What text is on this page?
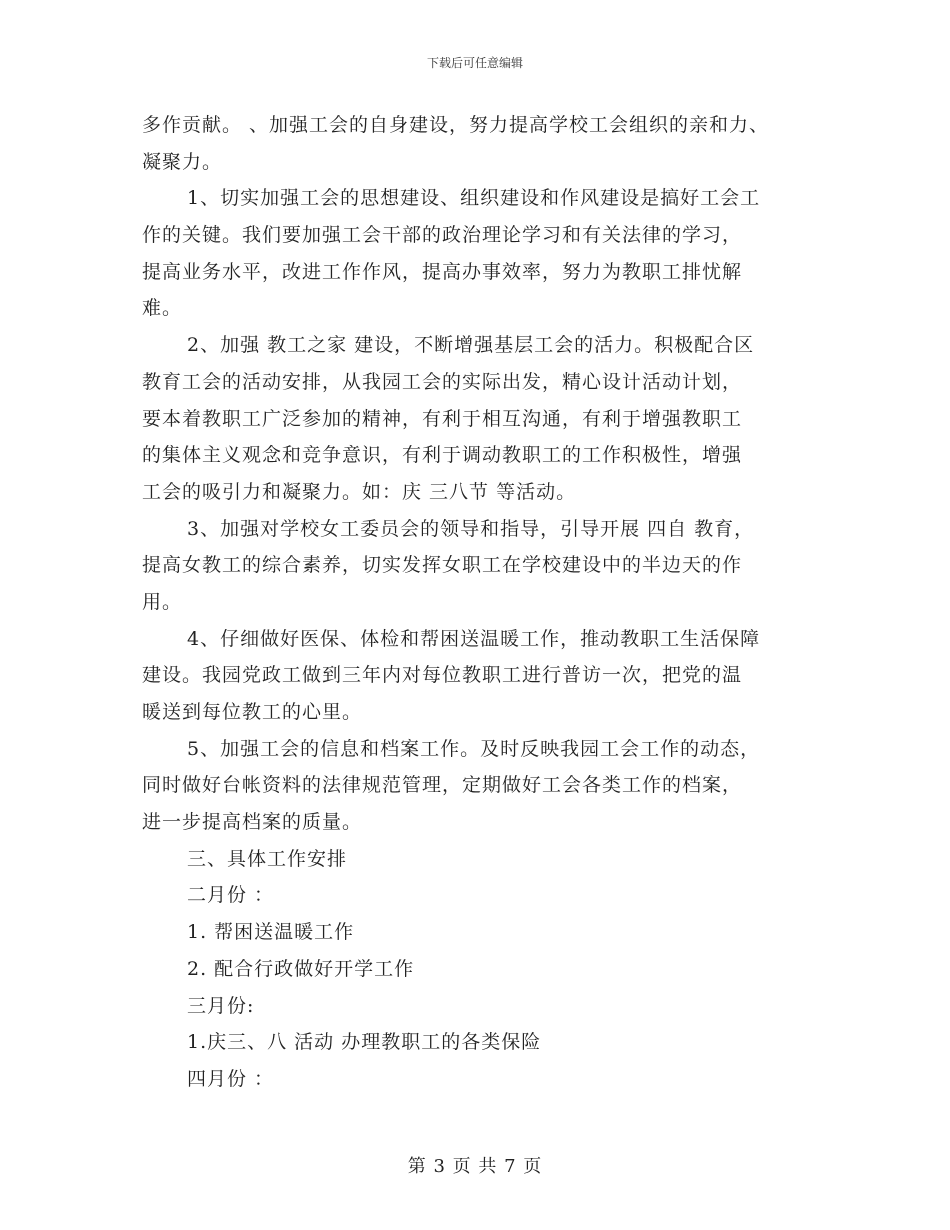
下载后可任意编辑
多作贡献。 、加强工会的自身建设，努力提高学校工会组织的亲和力、
凝聚力。
1、切实加强工会的思想建设、组织建设和作风建设是搞好工会工
作的关键。我们要加强工会干部的政治理论学习和有关法律的学习，
提高业务水平，改进工作作风，提高办事效率，努力为教职工排忧解
难。
2、加强 教工之家 建设，不断增强基层工会的活力。积极配合区
教育工会的活动安排，从我园工会的实际出发，精心设计活动计划，
要本着教职工广泛参加的精神，有利于相互沟通，有利于增强教职工
的集体主义观念和竞争意识，有利于调动教职工的工作积极性，增强
工会的吸引力和凝聚力。如：庆 三八节 等活动。
3、加强对学校女工委员会的领导和指导，引导开展 四自 教育，
提高女教工的综合素养，切实发挥女职工在学校建设中的半边天的作
用。
4、仔细做好医保、体检和帮困送温暖工作，推动教职工生活保障
建设。我园党政工做到三年内对每位教职工进行普访一次，把党的温
暖送到每位教工的心里。
5、加强工会的信息和档案工作。及时反映我园工会工作的动态，
同时做好台帐资料的法律规范管理，定期做好工会各类工作的档案，
进一步提高档案的质量。
三、具体工作安排
二月份 ：
1. 帮困送温暖工作
2. 配合行政做好开学工作
三月份:
1.庆三、八 活动 办理教职工的各类保险
四月份 ：
第 3 页 共 7 页
